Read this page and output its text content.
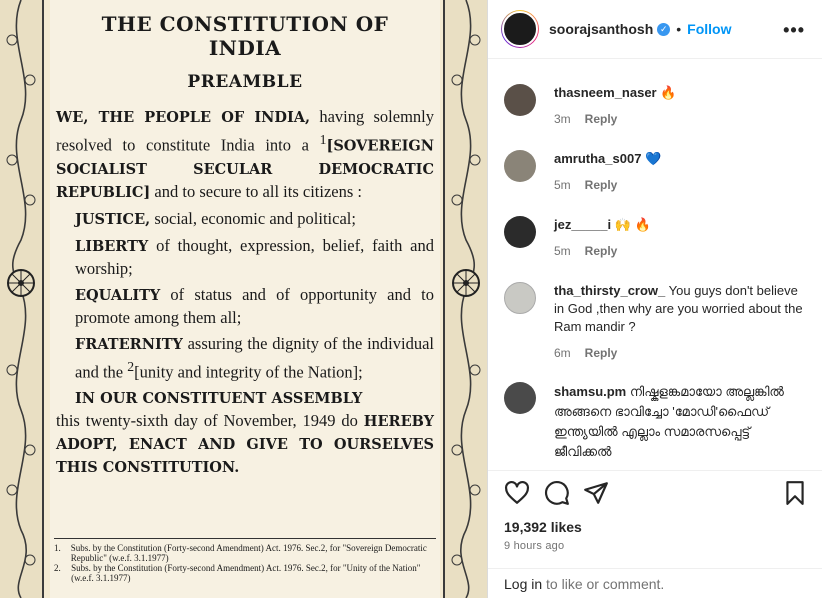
THE CONSTITUTION OF
INDIA
PREAMBLE
WE, THE PEOPLE OF INDIA, having solemnly resolved to constitute India into a $^1$[SOVEREIGN SOCIALIST SECULAR DEMOCRATIC REPUBLIC] and to secure to all its citizens :
JUSTICE, social, economic and political;
LIBERTY of thought, expression, belief, faith and worship;
EQUALITY of status and of opportunity and to promote among them all;
FRATERNITY assuring the dignity of the individual and the $^2$[unity and integrity of the Nation];
IN OUR CONSTITUENT ASSEMBLY
this twenty-sixth day of November, 1949 do HEREBY ADOPT, ENACT AND GIVE TO OURSELVES THIS CONSTITUTION.
1. Subs. by the Constitution (Forty-second Amendment) Act. 1976. Sec.2, for "Sovereign Democratic Republic" (w.e.f. 3.1.1977)
2. Subs. by the Constitution (Forty-second Amendment) Act. 1976. Sec.2, for "Unity of the Nation" (w.e.f. 3.1.1977)
soorajsanthosh ✓ • Follow	•••
thasneem_naser 🔥
3m Reply
amrutha_s007 💙
5m Reply
jez_____i 🙌 🔥
5m Reply
tha_thirsty_crow_ You guys don't believe in God ,then why are you worried about the Ram mandir ?
6m Reply
shamsu.pm നിഷ്കളങ്കമായോ അല്ലങ്കിൽ അങ്ങനെ ഭാവിച്ചോ 'മോഡി'ഫൈഡ് ഇന്ത്യയിൽ എല്ലാം സമാരസപ്പെട്ട് ജീവിക്കൽ
19,392 likes
9 hours ago
Log in to like or comment.
